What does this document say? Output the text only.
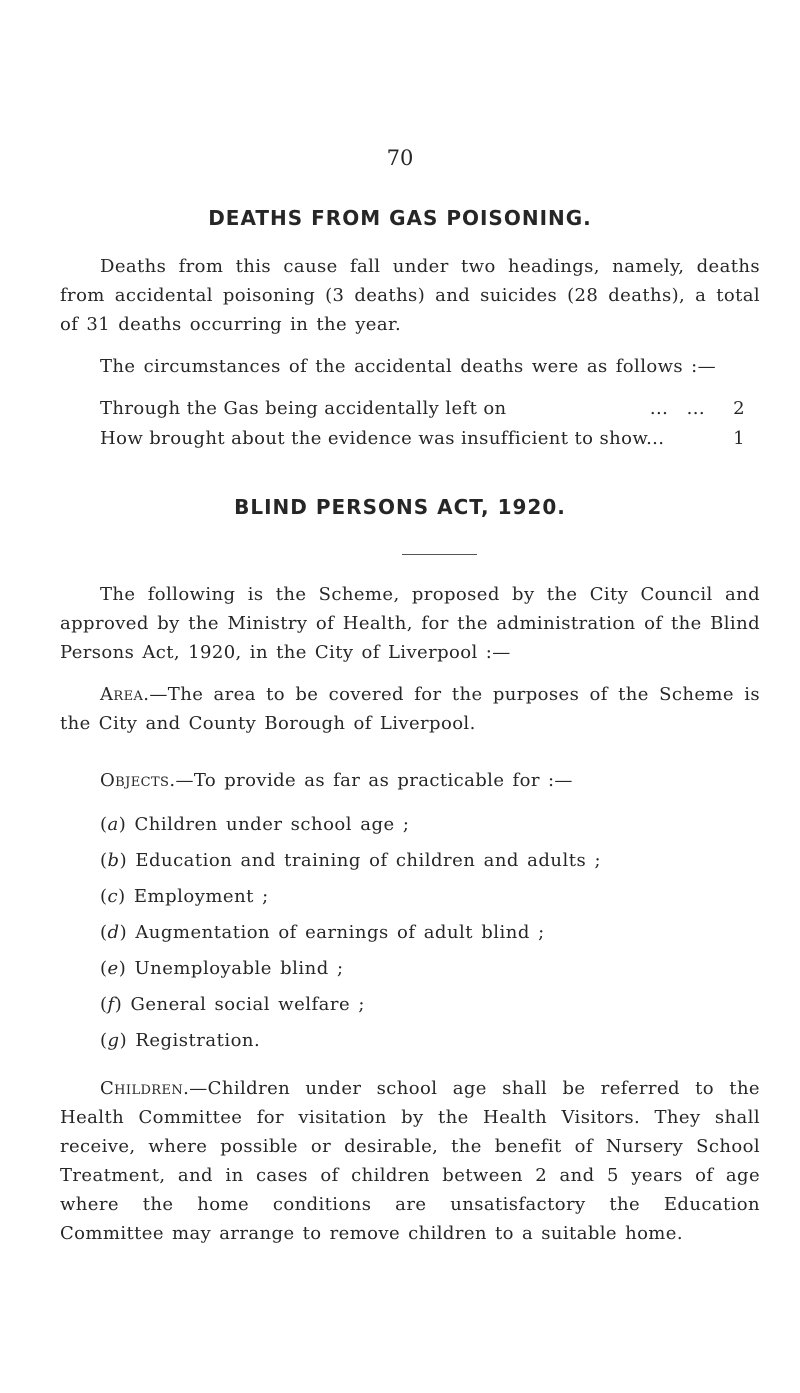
70
DEATHS FROM GAS POISONING.

Deaths from this cause fall under two headings, namely, deaths from accidental poisoning (3 deaths) and suicides (28 deaths), a total of 31 deaths occurring in the year.

The circumstances of the accidental deaths were as follows :—

Through the Gas being accidentally left on	...   ... 2
How brought about the evidence was insufficient to show...	1
BLIND PERSONS ACT, 1920.

The following is the Scheme, proposed by the City Council and approved by the Ministry of Health, for the administration of the Blind Persons Act, 1920, in the City of Liverpool :—

Area.—The area to be covered for the purposes of the Scheme is the City and County Borough of Liverpool.

Objects.—To provide as far as practicable for :—

(a) Children under school age ;
(b) Education and training of children and adults ;
(c) Employment ;
(d) Augmentation of earnings of adult blind ;
(e) Unemployable blind ;
(f) General social welfare ;
(g) Registration.

Children.—Children under school age shall be referred to the Health Committee for visitation by the Health Visitors. They shall receive, where possible or desirable, the benefit of Nursery School Treatment, and in cases of children between 2 and 5 years of age where the home conditions are unsatisfactory the Education Committee may arrange to remove children to a suitable home.
